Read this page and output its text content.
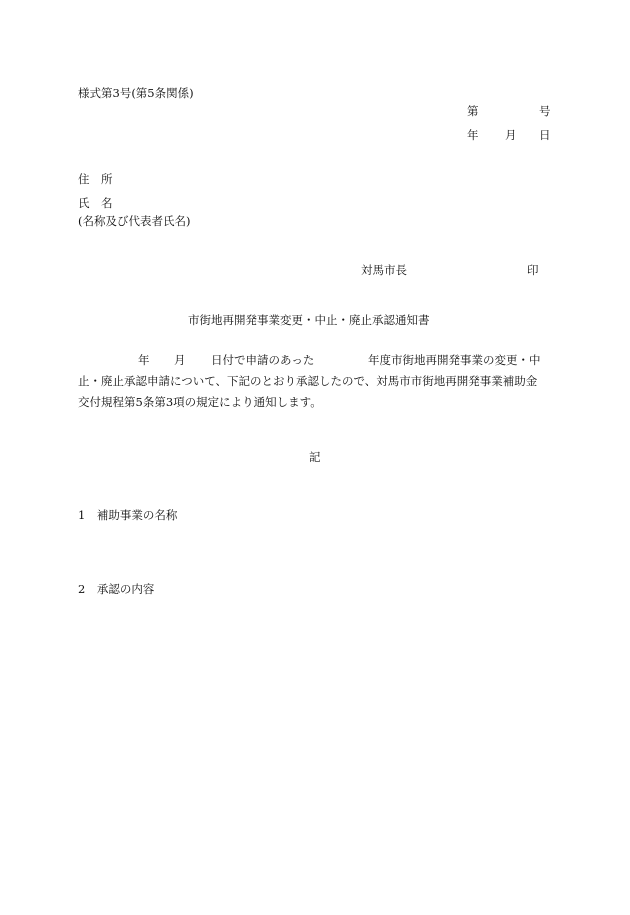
様式第3号(第5条関係)
第	号
年 月 日
住　所
氏　名
(名称及び代表者氏名)
対馬市長	印
市街地再開発事業変更・中止・廃止承認通知書
年 月 日付で申請のあった	年度市街地再開発事業の変更・中
止・廃止承認申請について、下記のとおり承認したので、対馬市市街地再開発事業補助金
交付規程第5条第3項の規定により通知します。
記
1　補助事業の名称
2　承認の内容
